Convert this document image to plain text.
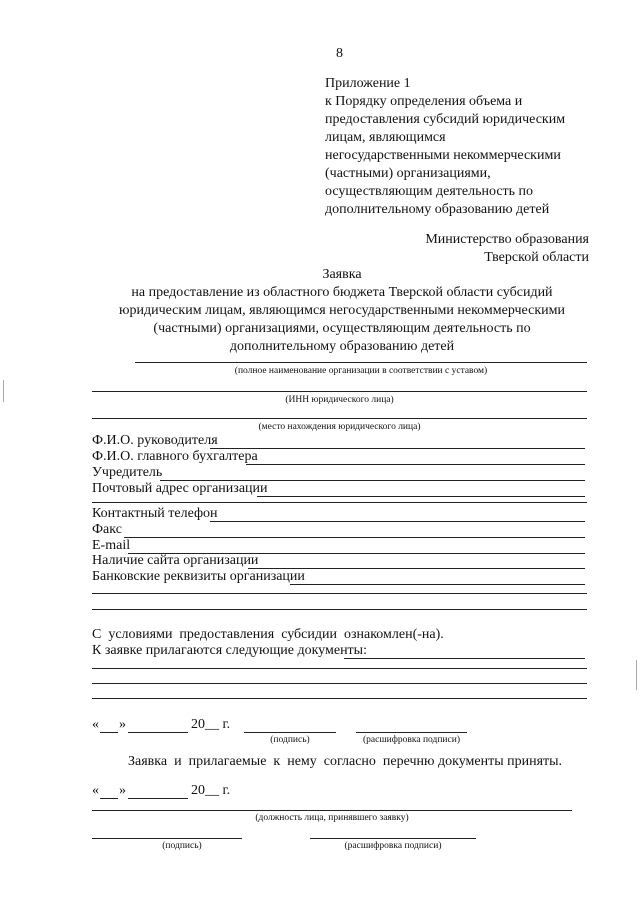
8
Приложение 1
к Порядку определения объема и
предоставления субсидий юридическим
лицам, являющимся
негосударственными некоммерческими
(частными) организациями,
осуществляющим деятельность по
дополнительному образованию детей
Министерство образования
Тверской области
Заявка
на предоставление из областного бюджета Тверской области субсидий
юридическим лицам, являющимся негосударственными некоммерческими
(частными) организациями, осуществляющим деятельность по
дополнительному образованию детей
(полное наименование организации в соответствии с уставом)
(ИНН юридического лица)
(место нахождения юридического лица)
Ф.И.О. руководителя
Ф.И.О. главного бухгалтера
Учредитель
Почтовый адрес организации
Контактный телефон
Факс
E-mail
Наличие сайта организации
Банковские реквизиты организации
С  условиями  предоставления  субсидии  ознакомлен(-на).
К заявке прилагаются следующие документы:
« »	20__ г.
(подпись)	(расшифровка подписи)
Заявка  и  прилагаемые  к  нему  согласно  перечню документы приняты.
« »	20__ г.
(должность лица, принявшего заявку)
(подпись)	(расшифровка подписи)
